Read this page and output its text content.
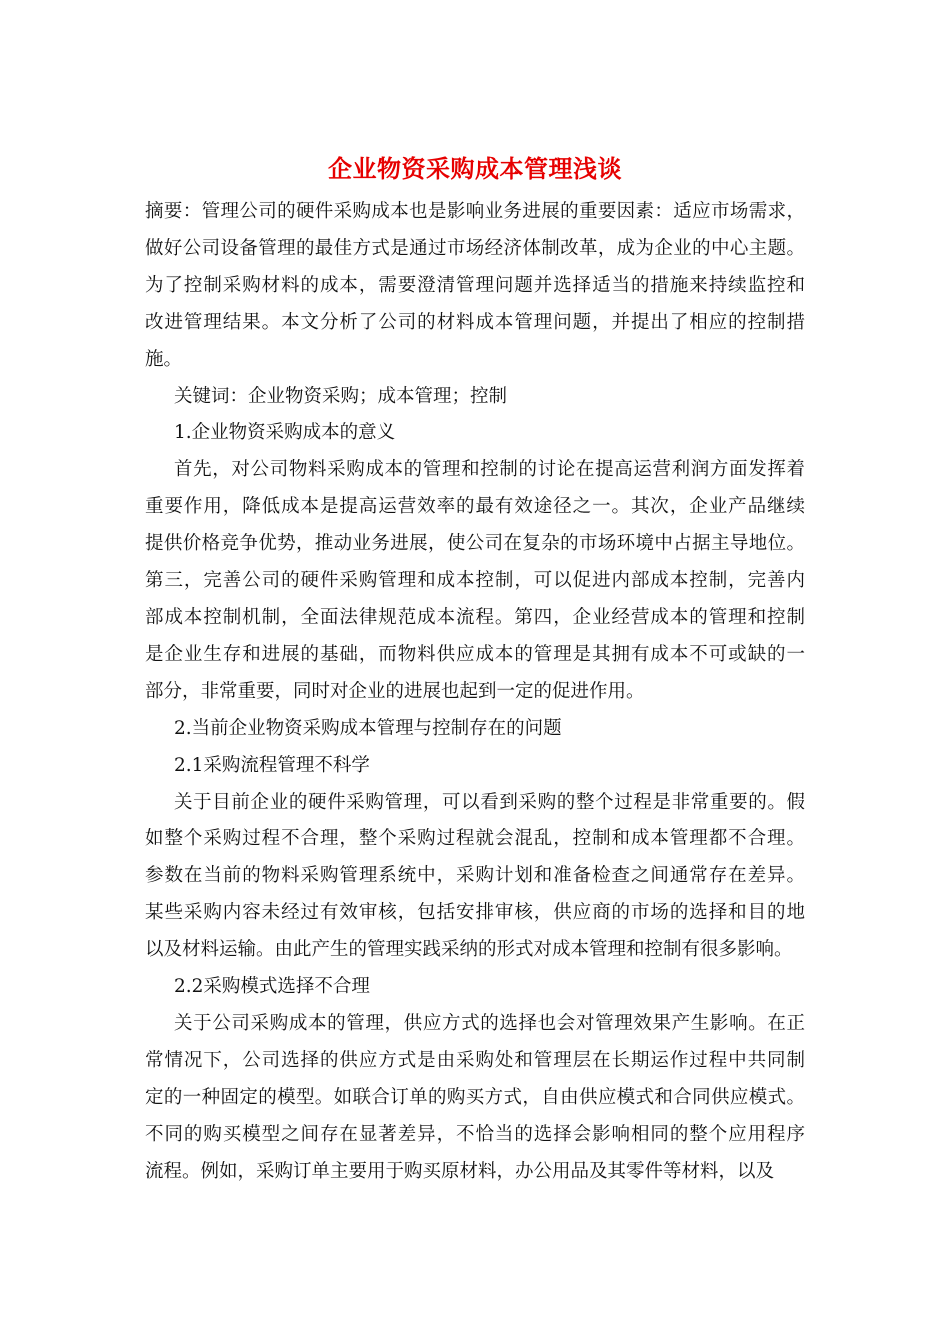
企业物资采购成本管理浅谈
摘要：管理公司的硬件采购成本也是影响业务进展的重要因素：适应市场需求，
做好公司设备管理的最佳方式是通过市场经济体制改革，成为企业的中心主题。
为了控制采购材料的成本，需要澄清管理问题并选择适当的措施来持续监控和
改进管理结果。本文分析了公司的材料成本管理问题，并提出了相应的控制措
施。
关键词：企业物资采购；成本管理；控制
1.企业物资采购成本的意义
首先，对公司物料采购成本的管理和控制的讨论在提高运营利润方面发挥着
重要作用，降低成本是提高运营效率的最有效途径之一。其次，企业产品继续
提供价格竞争优势，推动业务进展，使公司在复杂的市场环境中占据主导地位。
第三，完善公司的硬件采购管理和成本控制，可以促进内部成本控制，完善内
部成本控制机制，全面法律规范成本流程。第四，企业经营成本的管理和控制
是企业生存和进展的基础，而物料供应成本的管理是其拥有成本不可或缺的一
部分，非常重要，同时对企业的进展也起到一定的促进作用。
2.当前企业物资采购成本管理与控制存在的问题
2.1采购流程管理不科学
关于目前企业的硬件采购管理，可以看到采购的整个过程是非常重要的。假
如整个采购过程不合理，整个采购过程就会混乱，控制和成本管理都不合理。
参数在当前的物料采购管理系统中，采购计划和准备检查之间通常存在差异。
某些采购内容未经过有效审核，包括安排审核，供应商的市场的选择和目的地
以及材料运输。由此产生的管理实践采纳的形式对成本管理和控制有很多影响。
2.2采购模式选择不合理
关于公司采购成本的管理，供应方式的选择也会对管理效果产生影响。在正
常情况下，公司选择的供应方式是由采购处和管理层在长期运作过程中共同制
定的一种固定的模型。如联合订单的购买方式，自由供应模式和合同供应模式。
不同的购买模型之间存在显著差异，不恰当的选择会影响相同的整个应用程序
流程。例如，采购订单主要用于购买原材料，办公用品及其零件等材料，以及
